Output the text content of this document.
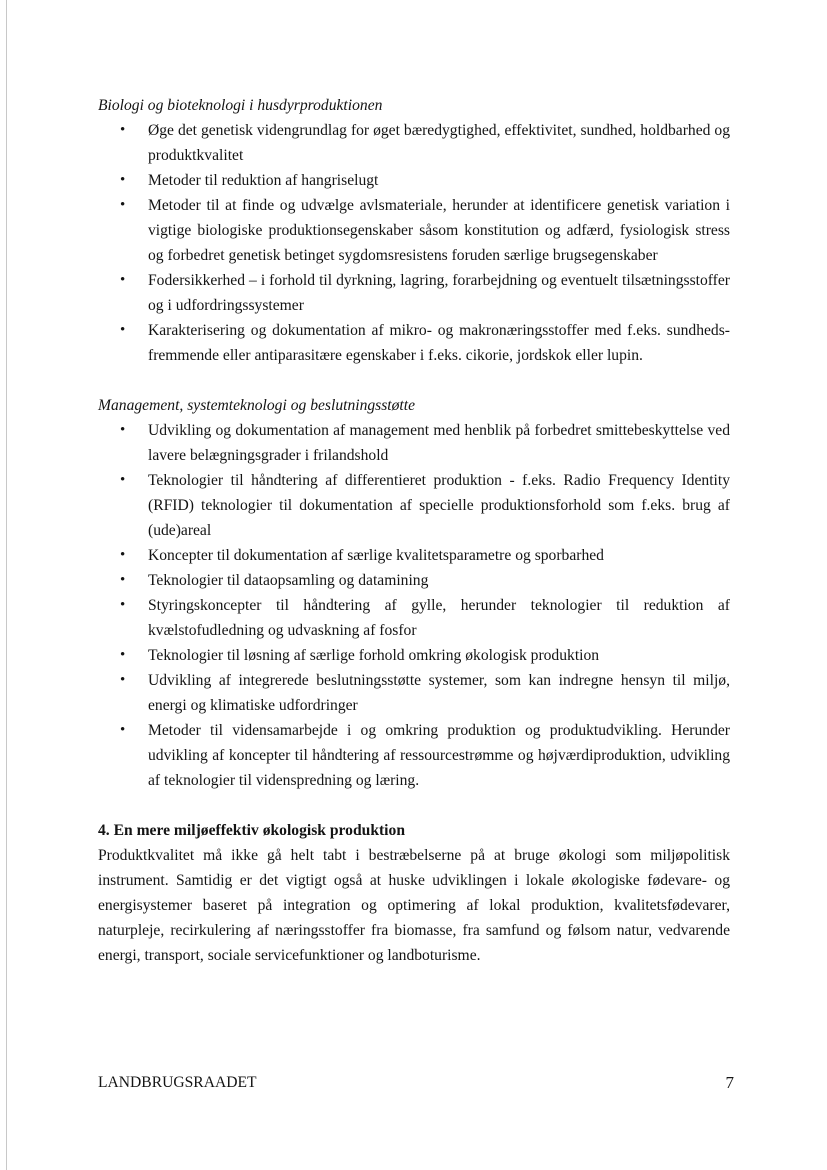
Biologi og bioteknologi i husdyrproduktionen

• Øge det genetisk videngrundlag for øget bæredygtighed, effektivitet, sundhed, holdbarhed og produktkvalitet
• Metoder til reduktion af hangriselugt
• Metoder til at finde og udvælge avlsmateriale, herunder at identificere genetisk variation i vigtige biologiske produktionsegenskaber såsom konstitution og adfærd, fysiologisk stress og forbedret genetisk betinget sygdomsresistens foruden særlige brugsegenskaber
• Fodersikkerhed – i forhold til dyrkning, lagring, forarbejdning og eventuelt tilsætningsstoffer og i udfordringssystemer
• Karakterisering og dokumentation af mikro- og makronæringsstoffer med f.eks. sundheds-fremmende eller antiparasitære egenskaber i f.eks. cikorie, jordskok eller lupin.

Management, systemteknologi og beslutningsstøtte

• Udvikling og dokumentation af management med henblik på forbedret smittebeskyttelse ved lavere belægningsgrader i frilandshold
• Teknologier til håndtering af differentieret produktion - f.eks. Radio Frequency Identity (RFID) teknologier til dokumentation af specielle produktionsforhold som f.eks. brug af (ude)areal
• Koncepter til dokumentation af særlige kvalitetsparametre og sporbarhed
• Teknologier til dataopsamling og datamining
• Styringskoncepter til håndtering af gylle, herunder teknologier til reduktion af kvælstofudledning og udvaskning af fosfor
• Teknologier til løsning af særlige forhold omkring økologisk produktion
• Udvikling af integrerede beslutningsstøtte systemer, som kan indregne hensyn til miljø, energi og klimatiske udfordringer
• Metoder til vidensamarbejde i og omkring produktion og produktudvikling. Herunder udvikling af koncepter til håndtering af ressourcestrømme og højværdiproduktion, udvikling af teknologier til videnspredning og læring.

4. En mere miljøeffektiv økologisk produktion

Produktkvalitet må ikke gå helt tabt i bestræbelserne på at bruge økologi som miljøpolitisk instrument. Samtidig er det vigtigt også at huske udviklingen i lokale økologiske fødevare- og energisystemer baseret på integration og optimering af lokal produktion, kvalitetsfødevarer, naturpleje, recirkulering af næringsstoffer fra biomasse, fra samfund og følsom natur, vedvarende energi, transport, sociale servicefunktioner og landboturisme.

LANDBRUGSRAADET	7
